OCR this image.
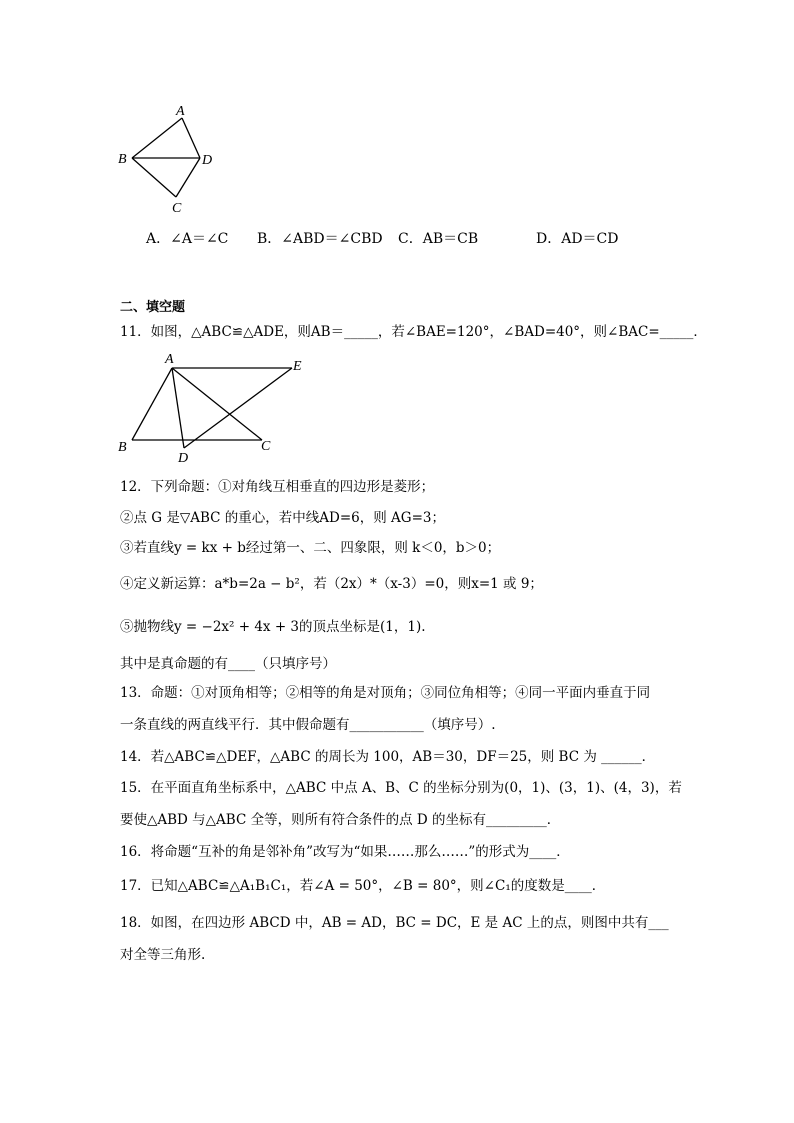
A
B	D
C
A．∠A＝∠C B．∠ABD＝∠CBD C．AB＝CB	D．AD＝CD
二、填空题
11．如图，△ABC≌△ADE，则AB＝_____，若∠BAE=120°，∠BAD=40°，则∠BAC=_____．
A	E
B	C
D
12．下列命题：①对角线互相垂直的四边形是菱形；
②点 G 是▽ABC 的重心，若中线AD=6，则 AG=3；
③若直线y = kx + b经过第一、二、四象限，则 k＜0，b＞0；
④定义新运算：a*b=2a − b²，若（2x）*（x-3）=0，则x=1 或 9；
⑤抛物线y = −2x² + 4x + 3的顶点坐标是(1，1).
其中是真命题的有____（只填序号）
13．命题：①对顶角相等；②相等的角是对顶角；③同位角相等；④同一平面内垂直于同
一条直线的两直线平行．其中假命题有___________（填序号）.
14．若△ABC≌△DEF，△ABC 的周长为 100，AB＝30，DF＝25，则 BC 为 ______．
15．在平面直角坐标系中，△ABC 中点 A、B、C 的坐标分别为(0，1)、(3，1)、(4，3)，若
要使△ABD 与△ABC 全等，则所有符合条件的点 D 的坐标有_________．
16．将命题“互补的角是邻补角”改写为“如果……那么……”的形式为____．
17．已知△ABC≌△A₁B₁C₁，若∠A = 50°，∠B = 80°，则∠C₁的度数是____．
18．如图，在四边形 ABCD 中，AB = AD，BC = DC，E 是 AC 上的点，则图中共有___
对全等三角形.
